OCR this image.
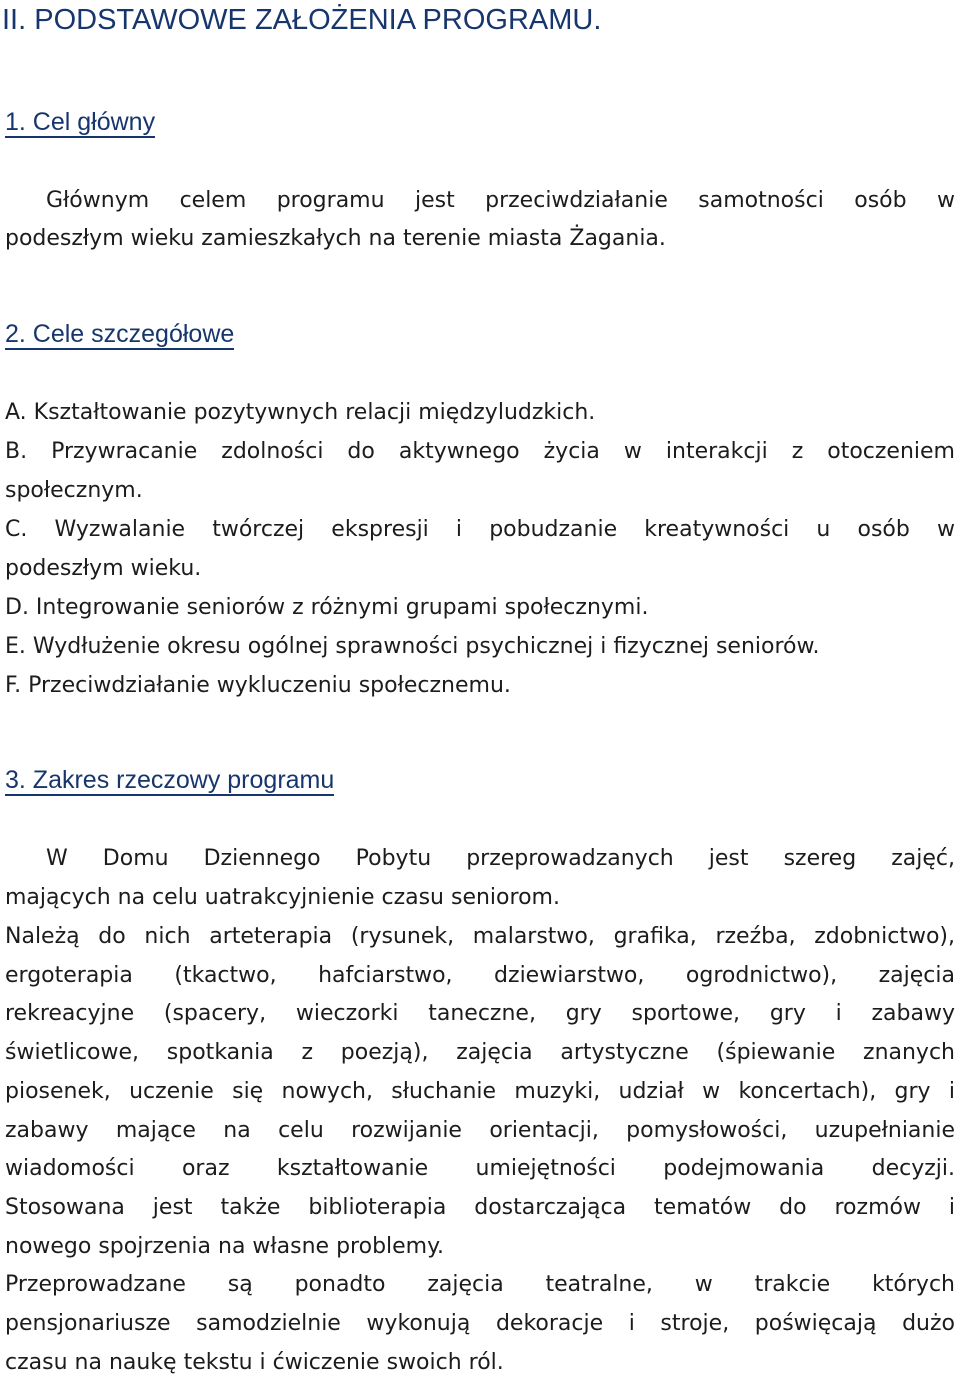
II. PODSTAWOWE ZAŁOŻENIA PROGRAMU.
1. Cel główny
Głównym celem programu jest przeciwdziałanie samotności osób w
podeszłym wieku zamieszkałych na terenie miasta Żagania.
2. Cele szczegółowe
A. Kształtowanie pozytywnych relacji międzyludzkich.
B. Przywracanie zdolności do aktywnego życia w interakcji z otoczeniem
społecznym.
C. Wyzwalanie twórczej ekspresji i pobudzanie kreatywności u osób w
podeszłym wieku.
D. Integrowanie seniorów z różnymi grupami społecznymi.
E. Wydłużenie okresu ogólnej sprawności psychicznej i fizycznej seniorów.
F. Przeciwdziałanie wykluczeniu społecznemu.
3. Zakres rzeczowy programu
W Domu Dziennego Pobytu przeprowadzanych jest szereg zajęć,
mających na celu uatrakcyjnienie czasu seniorom.
Należą do nich arteterapia (rysunek, malarstwo, grafika, rzeźba, zdobnictwo),
ergoterapia (tkactwo, hafciarstwo, dziewiarstwo, ogrodnictwo), zajęcia
rekreacyjne (spacery, wieczorki taneczne, gry sportowe, gry i zabawy
świetlicowe, spotkania z poezją), zajęcia artystyczne (śpiewanie znanych
piosenek, uczenie się nowych, słuchanie muzyki, udział w koncertach), gry i
zabawy mające na celu rozwijanie orientacji, pomysłowości, uzupełnianie
wiadomości oraz kształtowanie umiejętności podejmowania decyzji.
Stosowana jest także biblioterapia dostarczająca tematów do rozmów i
nowego spojrzenia na własne problemy.
Przeprowadzane są ponadto zajęcia teatralne, w trakcie których
pensjonariusze samodzielnie wykonują dekoracje i stroje, poświęcają dużo
czasu na naukę tekstu i ćwiczenie swoich ról.
